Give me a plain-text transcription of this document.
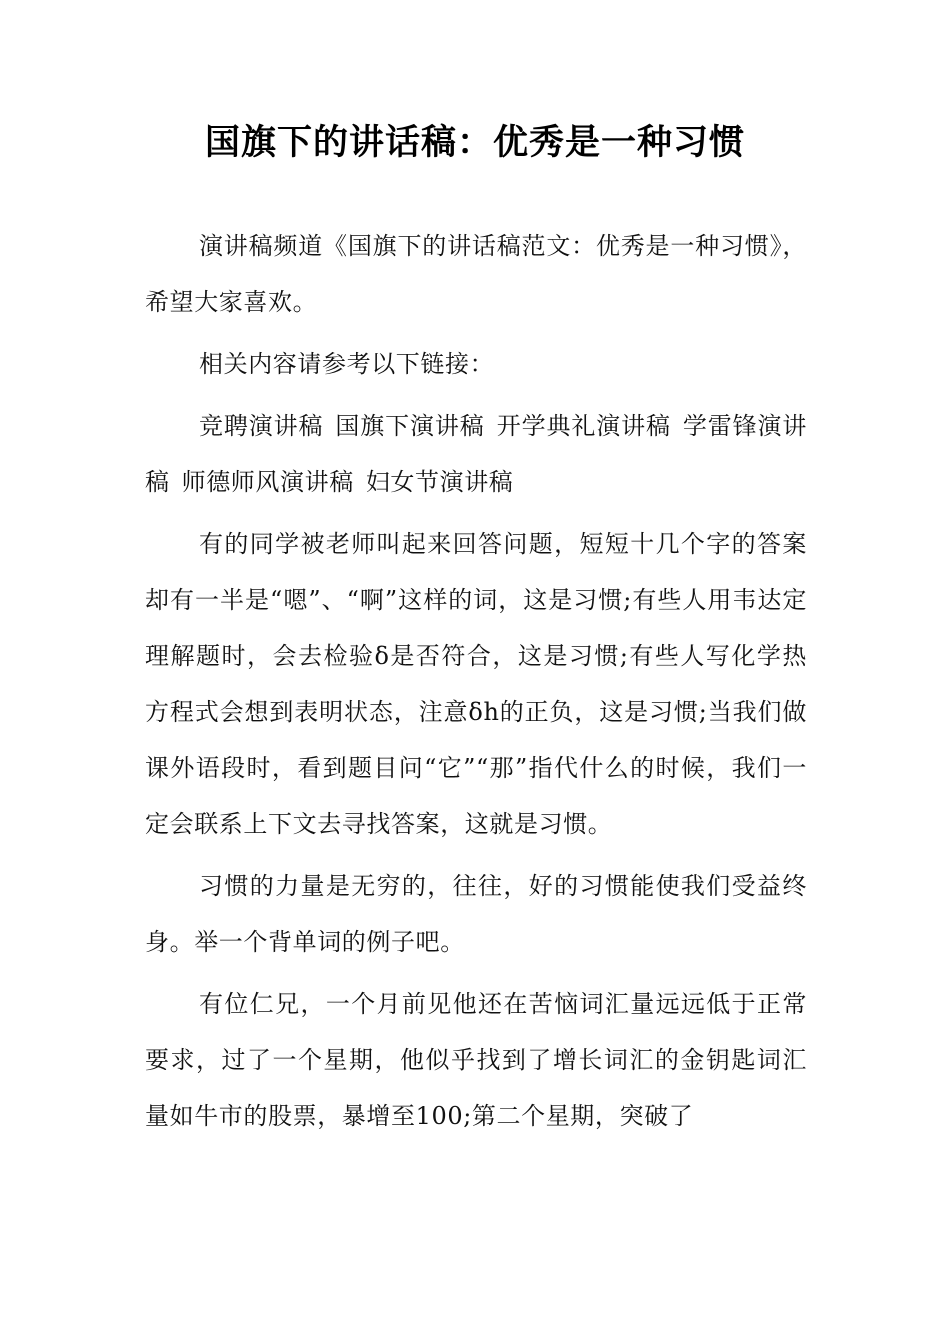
国旗下的讲话稿：优秀是一种习惯

演讲稿频道《国旗下的讲话稿范文：优秀是一种习惯》，希望大家喜欢。

相关内容请参考以下链接：

竞聘演讲稿 国旗下演讲稿 开学典礼演讲稿 学雷锋演讲稿 师德师风演讲稿 妇女节演讲稿

有的同学被老师叫起来回答问题，短短十几个字的答案却有一半是“嗯”、“啊”这样的词，这是习惯;有些人用韦达定理解题时，会去检验δ是否符合，这是习惯;有些人写化学热方程式会想到表明状态，注意δh的正负，这是习惯;当我们做课外语段时，看到题目问“它”“那”指代什么的时候，我们一定会联系上下文去寻找答案，这就是习惯。

习惯的力量是无穷的，往往，好的习惯能使我们受益终身。举一个背单词的例子吧。

有位仁兄，一个月前见他还在苦恼词汇量远远低于正常要求，过了一个星期，他似乎找到了增长词汇的金钥匙词汇量如牛市的股票，暴增至100;第二个星期，突破了
